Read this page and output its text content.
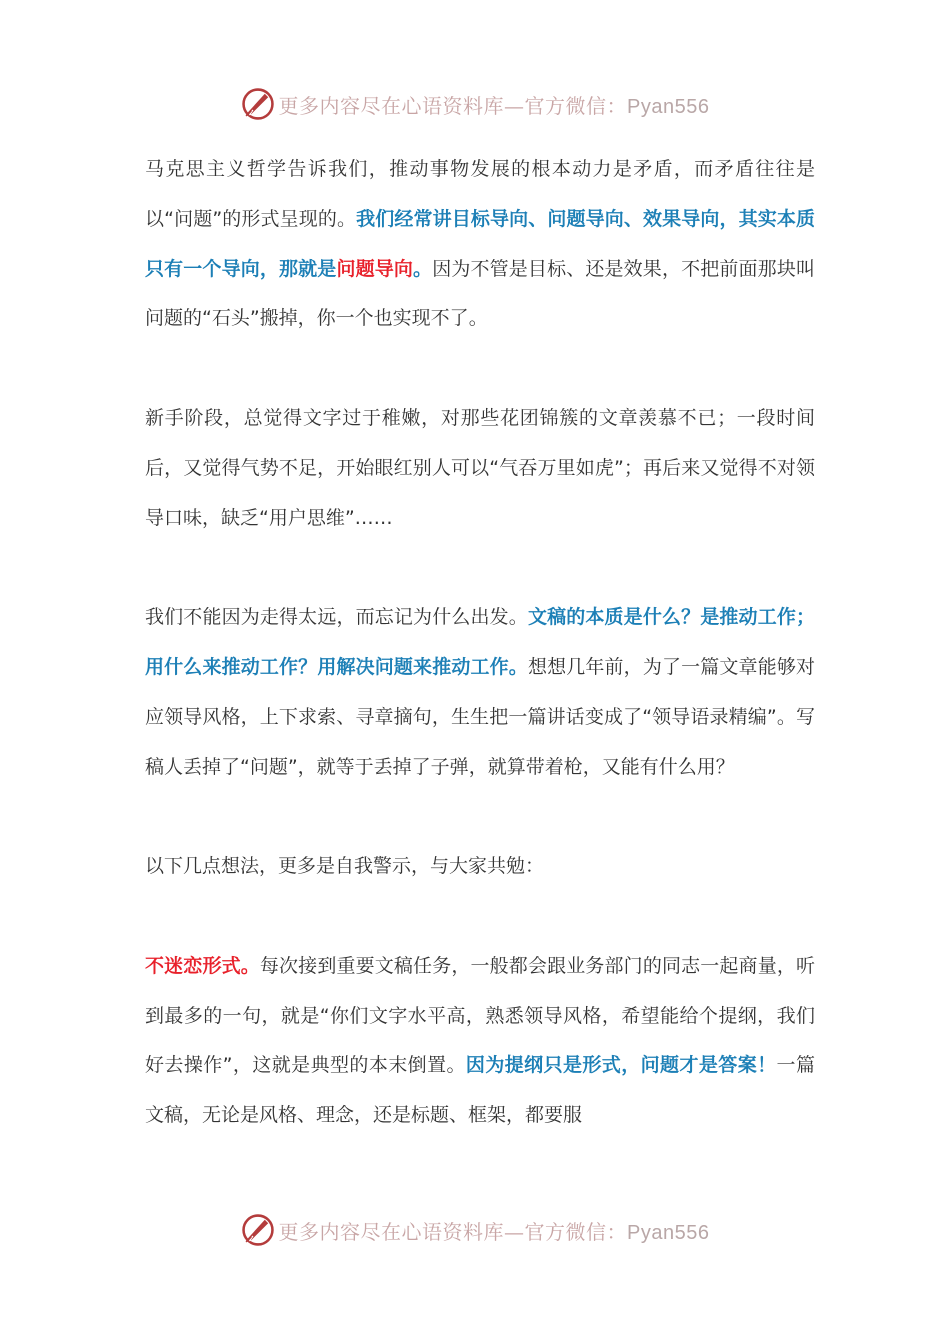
更多内容尽在心语资料库—官方微信：Pyan556

马克思主义哲学告诉我们，推动事物发展的根本动力是矛盾，而矛盾往往是以“问题”的形式呈现的。我们经常讲目标导向、问题导向、效果导向，其实本质只有一个导向，那就是问题导向。因为不管是目标、还是效果，不把前面那块叫问题的“石头”搬掉，你一个也实现不了。

新手阶段，总觉得文字过于稚嫩，对那些花团锦簇的文章羡慕不已；一段时间后，又觉得气势不足，开始眼红别人可以“气吞万里如虎”；再后来又觉得不对领导口味，缺乏“用户思维”……

我们不能因为走得太远，而忘记为什么出发。文稿的本质是什么？是推动工作；用什么来推动工作？用解决问题来推动工作。想想几年前，为了一篇文章能够对应领导风格，上下求索、寻章摘句，生生把一篇讲话变成了“领导语录精编”。写稿人丢掉了“问题”，就等于丢掉了子弹，就算带着枪，又能有什么用？

以下几点想法，更多是自我警示，与大家共勉：

不迷恋形式。每次接到重要文稿任务，一般都会跟业务部门的同志一起商量，听到最多的一句，就是“你们文字水平高，熟悉领导风格，希望能给个提纲，我们好去操作”，这就是典型的本末倒置。因为提纲只是形式，问题才是答案！一篇文稿，无论是风格、理念，还是标题、框架，都要服

更多内容尽在心语资料库—官方微信：Pyan556
